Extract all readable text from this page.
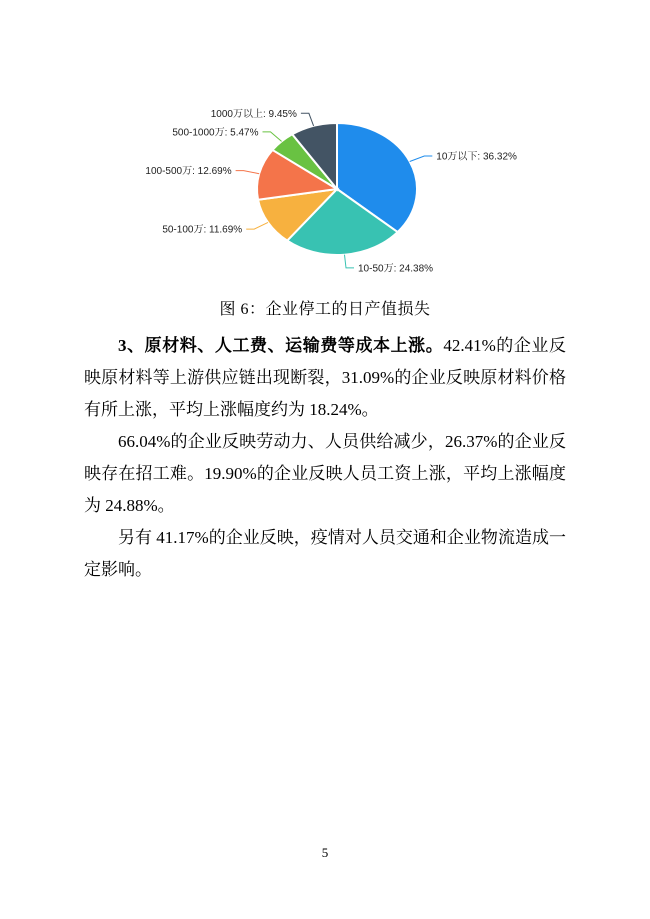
10万以下: 36.32%
10-50万: 24.38%
50-100万: 11.69%
100-500万: 12.69%
500-1000万: 5.47%
1000万以上: 9.45%
图 6：企业停工的日产值损失

3、原材料、人工费、运输费等成本上涨。42.41%的企业反映原材料等上游供应链出现断裂，31.09%的企业反映原材料价格有所上涨，平均上涨幅度约为 18.24%。

66.04%的企业反映劳动力、人员供给减少，26.37%的企业反映存在招工难。19.90%的企业反映人员工资上涨，平均上涨幅度为 24.88%。

另有 41.17%的企业反映，疫情对人员交通和企业物流造成一定影响。

5
